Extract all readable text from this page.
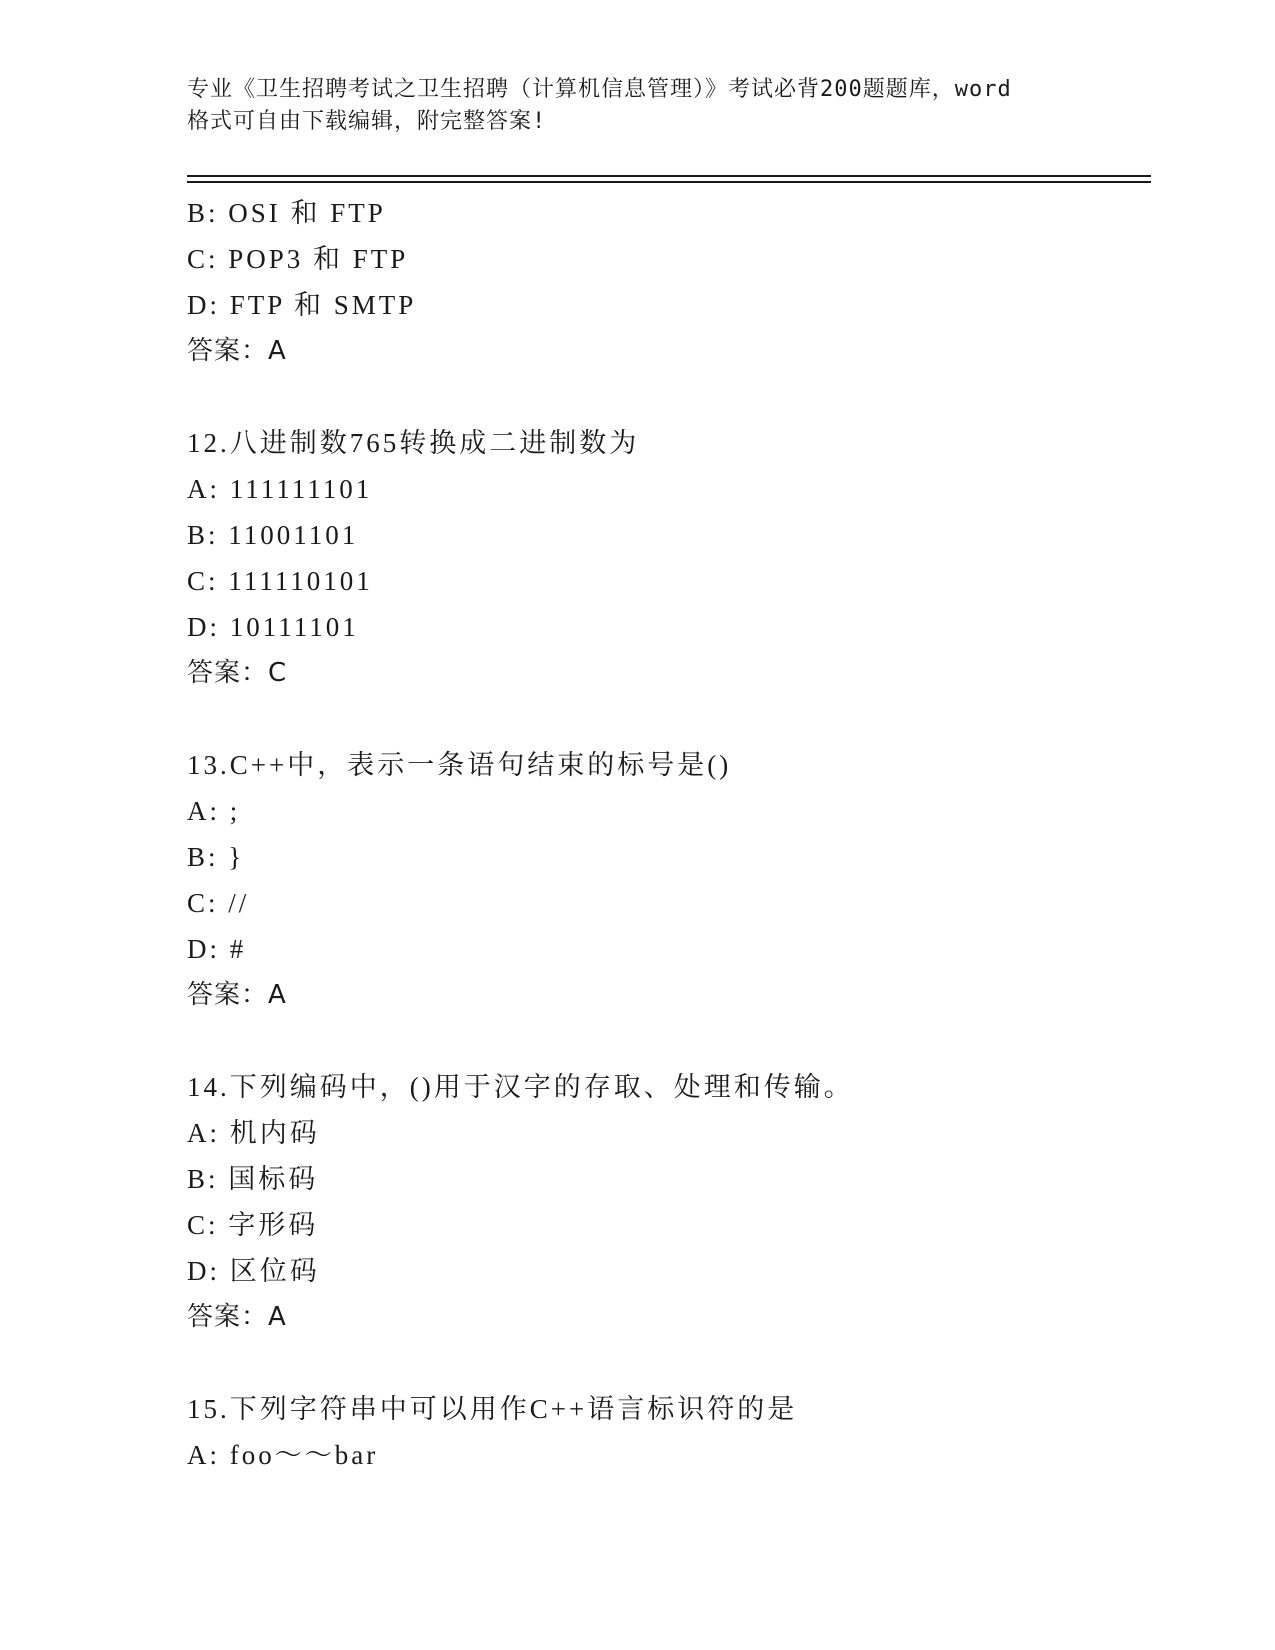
专业《卫生招聘考试之卫生招聘（计算机信息管理）》考试必背200题题库，word
格式可自由下载编辑，附完整答案!
B: OSI 和 FTP
C: POP3 和 FTP
D: FTP 和 SMTP
答案：A
12.八进制数765转换成二进制数为
A: 111111101
B: 11001101
C: 111110101
D: 10111101
答案：C
13.C++中，表示一条语句结束的标号是()
A: ;
B: }
C: //
D: #
答案：A
14.下列编码中，()用于汉字的存取、处理和传输。
A: 机内码
B: 国标码
C: 字形码
D: 区位码
答案：A
15.下列字符串中可以用作C++语言标识符的是
A: foo～～bar
